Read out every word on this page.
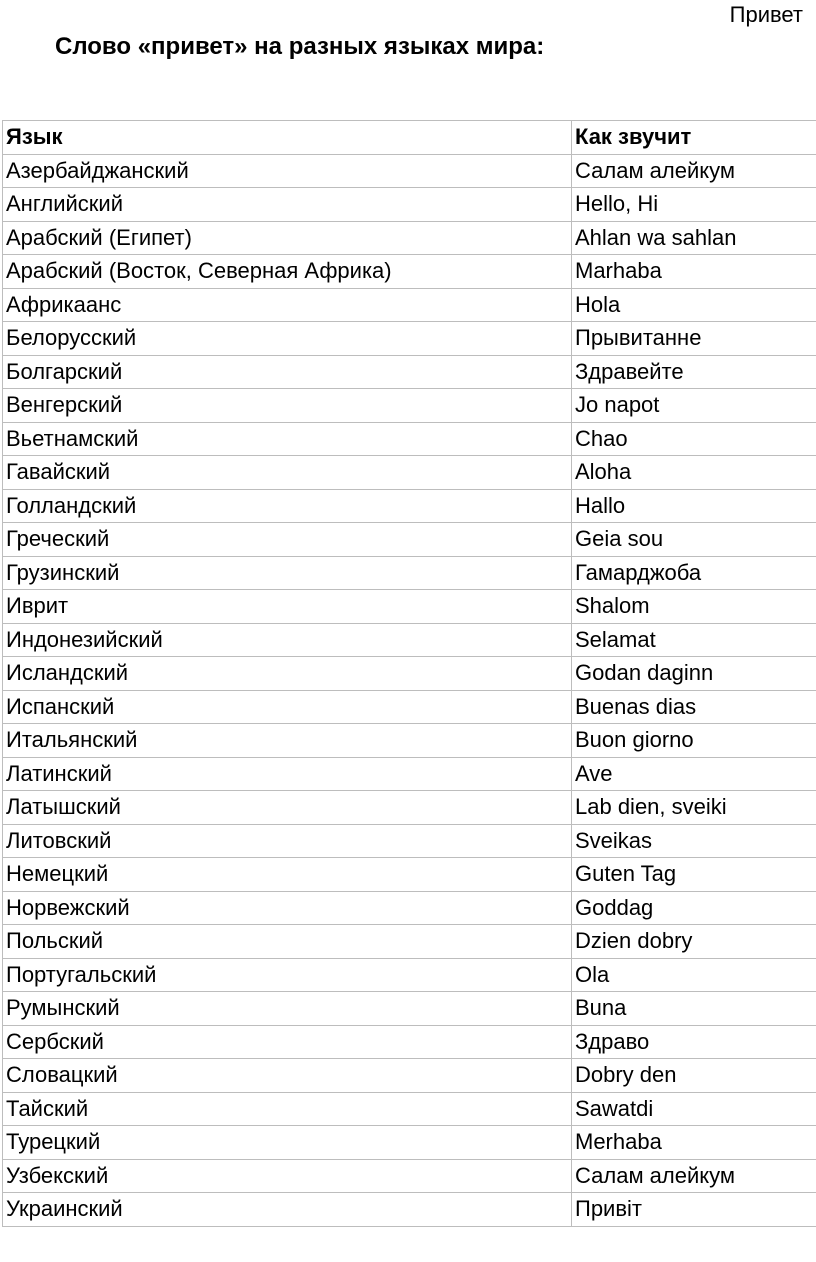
Привет
Слово «привет» на разных языках мира:
Язык	Как звучит
Азербайджанский	Салам алейкум
Английский	Hello, Hi
Арабский (Египет)	Ahlan wa sahlan
Арабский (Восток, Северная Африка)	Marhaba
Африкаанс	Hola
Белорусский	Прывитанне
Болгарский	Здравейте
Венгерский	Jo napot
Вьетнамский	Chao
Гавайский	Aloha
Голландский	Hallo
Греческий	Geia sou
Грузинский	Гамарджоба
Иврит	Shalom
Индонезийский	Selamat
Исландский	Godan daginn
Испанский	Buenas dias
Итальянский	Buon giorno
Латинский	Ave
Латышский	Lab dien, sveiki
Литовский	Sveikas
Немецкий	Guten Tag
Норвежский	Goddag
Польский	Dzien dobry
Португальский	Ola
Румынский	Buna
Сербский	Здраво
Словацкий	Dobry den
Тайский	Sawatdi
Турецкий	Merhaba
Узбекский	Салам алейкум
Украинский	Привіт
